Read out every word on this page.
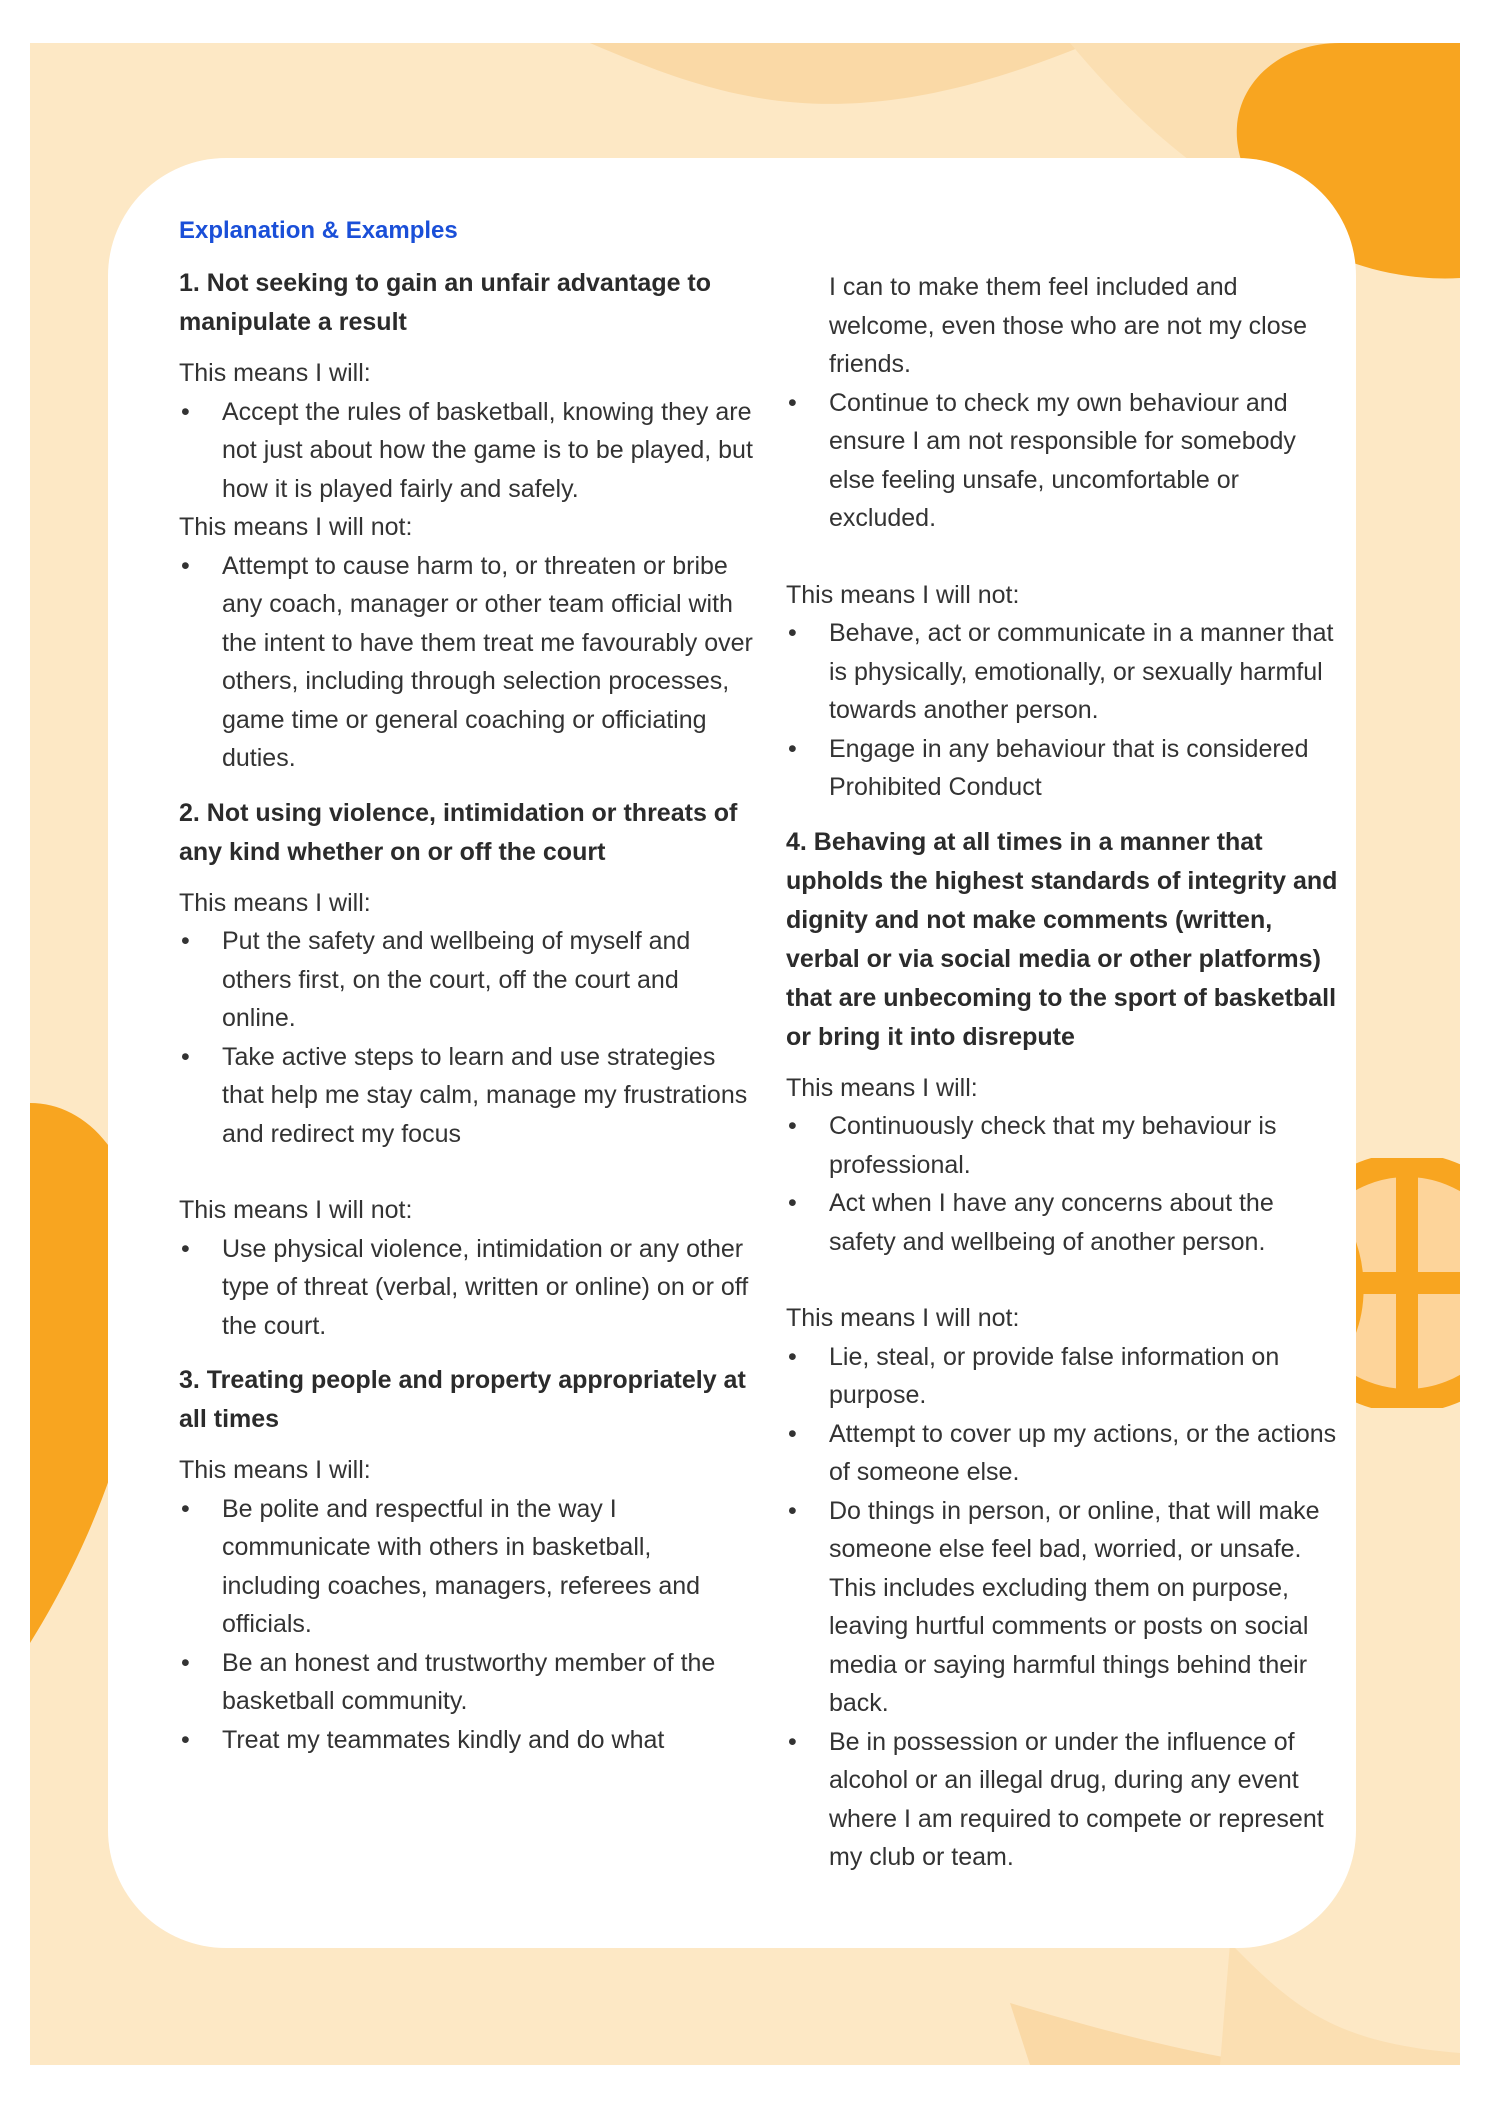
Explanation & Examples
1. Not seeking to gain an unfair advantage to manipulate a result

This means I will:

• Accept the rules of basketball, knowing they are not just about how the game is to be played, but how it is played fairly and safely.

This means I will not:

• Attempt to cause harm to, or threaten or bribe any coach, manager or other team official with the intent to have them treat me favourably over others, including through selection processes, game time or general coaching or officiating duties.
2. Not using violence, intimidation or threats of any kind whether on or off the court

This means I will:

• Put the safety and wellbeing of myself and others first, on the court, off the court and online.
• Take active steps to learn and use strategies that help me stay calm, manage my frustrations and redirect my focus

This means I will not:

• Use physical violence, intimidation or any other type of threat (verbal, written or online) on or off the court.
3. Treating people and property appropriately at all times

This means I will:

• Be polite and respectful in the way I communicate with others in basketball, including coaches, managers, referees and officials.
• Be an honest and trustworthy member of the basketball community.
• Treat my teammates kindly and do what

I can to make them feel included and welcome, even those who are not my close friends.

• Continue to check my own behaviour and ensure I am not responsible for somebody else feeling unsafe, uncomfortable or excluded.

This means I will not:

• Behave, act or communicate in a manner that is physically, emotionally, or sexually harmful towards another person.
• Engage in any behaviour that is considered Prohibited Conduct
4. Behaving at all times in a manner that upholds the highest standards of integrity and dignity and not make comments (written, verbal or via social media or other platforms) that are unbecoming to the sport of basketball or bring it into disrepute

This means I will:

• Continuously check that my behaviour is professional.
• Act when I have any concerns about the safety and wellbeing of another person.

This means I will not:

• Lie, steal, or provide false information on purpose.
• Attempt to cover up my actions, or the actions of someone else.
• Do things in person, or online, that will make someone else feel bad, worried, or unsafe. This includes excluding them on purpose, leaving hurtful comments or posts on social media or saying harmful things behind their back.
• Be in possession or under the influence of alcohol or an illegal drug, during any event where I am required to compete or represent my club or team.
